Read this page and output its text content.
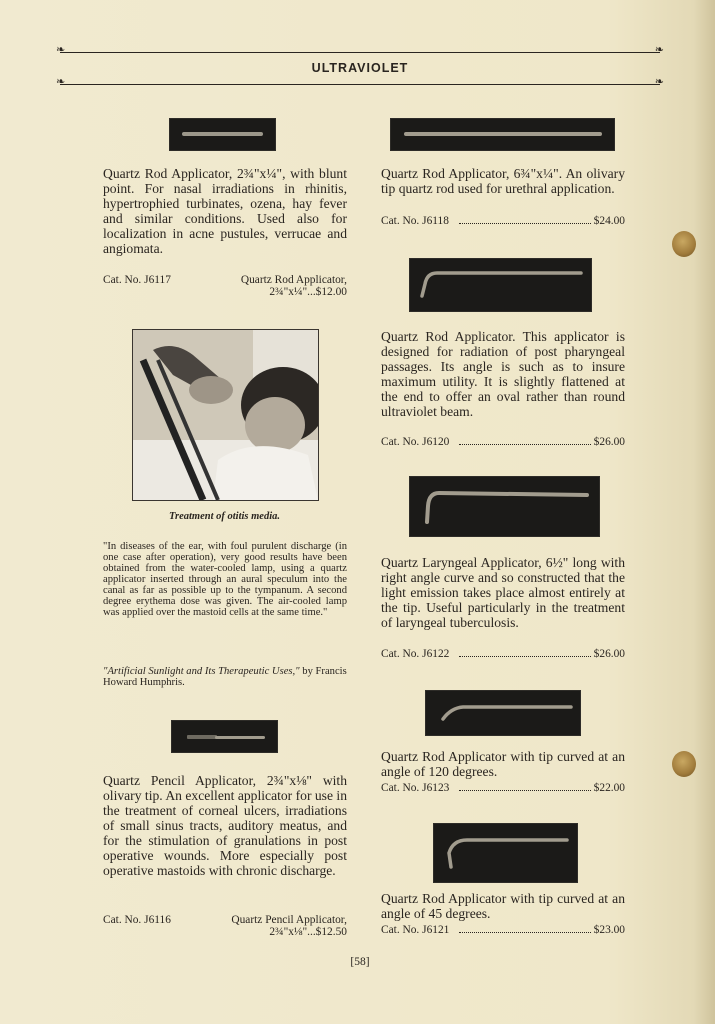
❧ ❧
ULTRAVIOLET
❧ ❧
Quartz Rod Applicator, 2¾"x¼", with blunt point. For nasal irradiations in rhinitis, hypertrophied turbinates, ozena, hay fever and similar conditions. Used also for localization in acne pustules, verrucae and angiomata.
Cat. No. J6117	Quartz Rod Applicator, 2¾"x¼"...$12.00
Treatment of otitis media.
"In diseases of the ear, with foul purulent discharge (in one case after operation), very good results have been obtained from the water-cooled lamp, using a quartz applicator inserted through an aural speculum into the canal as far as possible up to the tympanum. A second degree erythema dose was given. The air-cooled lamp was applied over the mastoid cells at the same time."
"Artificial Sunlight and Its Therapeutic Uses," by Francis Howard Humphris.
Quartz Pencil Applicator, 2¾"x⅛" with olivary tip. An excellent applicator for use in the treatment of corneal ulcers, irradiations of small sinus tracts, auditory meatus, and for the stimulation of granulations in post operative wounds. More especially post operative mastoids with chronic discharge.
Cat. No. J6116	Quartz Pencil Applicator, 2¾"x⅛"...$12.50
Quartz Rod Applicator, 6¾"x¼". An olivary tip quartz rod used for urethral application.
Cat. No. J6118	$24.00
Quartz Rod Applicator. This applicator is designed for radiation of post pharyngeal passages. Its angle is such as to insure maximum utility. It is slightly flattened at the end to offer an oval rather than round ultraviolet beam.
Cat. No. J6120	$26.00
Quartz Laryngeal Applicator, 6½" long with right angle curve and so constructed that the light emission takes place almost entirely at the tip. Useful particularly in the treatment of laryngeal tuberculosis.
Cat. No. J6122	$26.00
Quartz Rod Applicator with tip curved at an angle of 120 degrees.
Cat. No. J6123	$22.00
Quartz Rod Applicator with tip curved at an angle of 45 degrees.
Cat. No. J6121	$23.00
[58]
